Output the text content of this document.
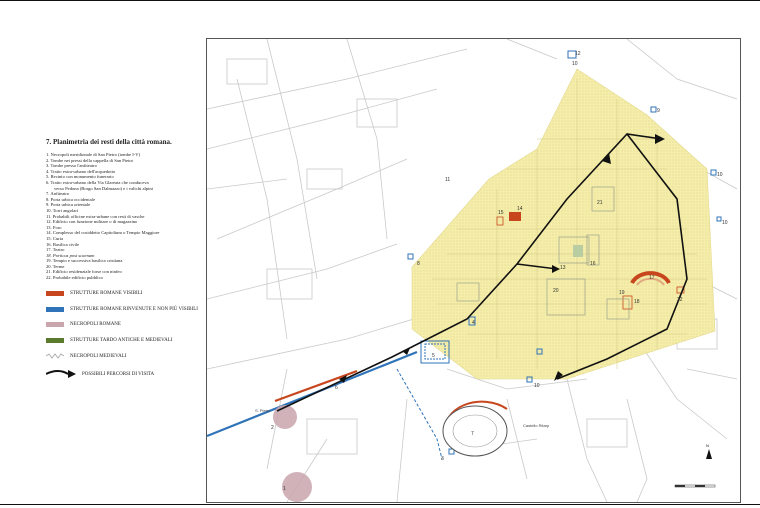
7. Planimetria dei resti della città romana.
1. Necropoli meridionale di San Pietro (tombe I-V)
2. Tombe nei pressi della cappella di San Pietro
3. Tombe presso l'anfiteatro
4. Tratto extra-urbano dell'acquedotto
5. Recinto con monumento funerario
6. Tratto extra-urbano della Via Glareata che conduceva
verso Pedona (Borgo San Dalmazzo) e i valichi alpini
7. Anfiteatro
8. Porta urbica occidentale
9. Porta urbica orientale
10. Torri angolari
11. Probabili officine extra-urbane con resti di vasche
12. Edificio con funzione militare o di magazzino
13. Foro
14. Complesso del cosiddetto Capitolium o Tempio Maggiore
15. Curia
16. Basilica civile
17. Teatro
18. Porticus post scaenam
19. Tempio e successiva basilica cristiana
20. Terme
21. Edificio residenziale forse con ninfeo
22. Probabile edificio pubblico
STRUTTURE ROMANE VISIBILI
STRUTTURE ROMANE RINVENUTE E NON PIÙ VISIBILI
NECROPOLI ROMANE
STRUTTURE TARDO ANTICHE E MEDIEVALI
NECROPOLI MEDIEVALI
POSSIBILI PERCORSI DI VISITA
1
2
3
4
5
6
7
8
9
10
10
10
10
11
12
13
14
15
16
17
18
19
20
21
22
S. Pietro
Castello Ritarp
N
